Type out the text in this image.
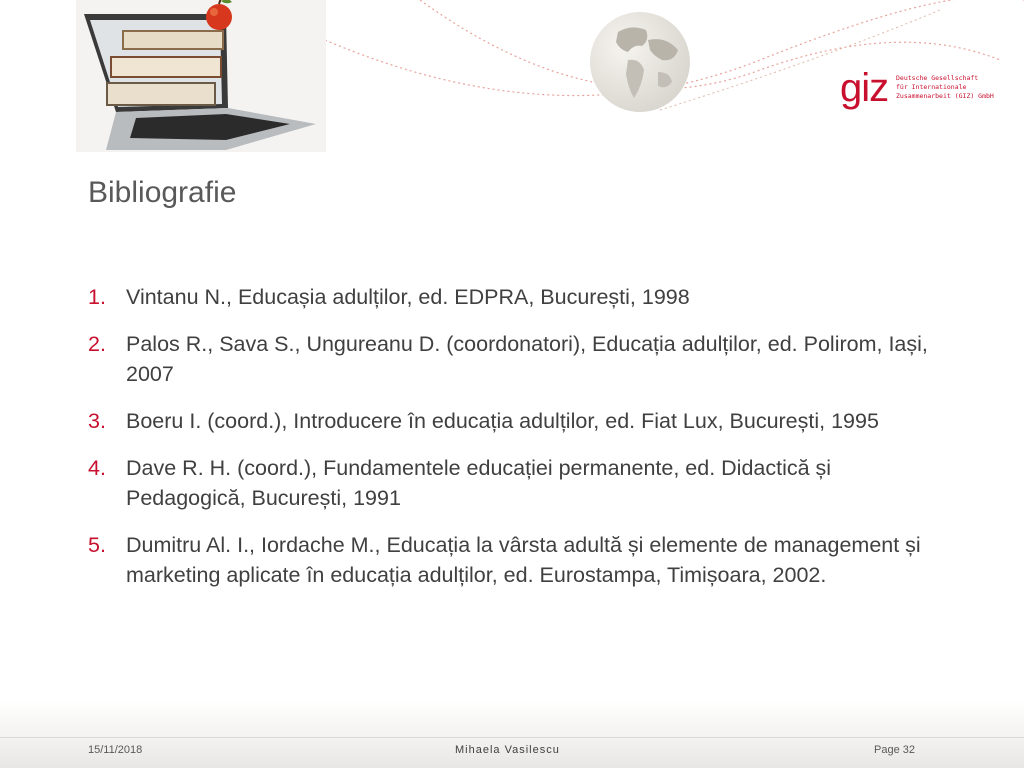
giz Deutsche Gesellschaft
für Internationale
Zusammenarbeit (GIZ) GmbH
Bibliografie
1. Vintanu N., Educașia adulților, ed. EDPRA, București, 1998
2. Palos R., Sava S., Ungureanu D. (coordonatori), Educația adulților, ed. Polirom, Iași, 2007
3. Boeru I. (coord.), Introducere în educația adulților, ed. Fiat Lux, București, 1995
4. Dave R. H. (coord.), Fundamentele educației permanente, ed. Didactică și Pedagogică, București, 1991
5. Dumitru Al. I., Iordache M., Educația la vârsta adultă și elemente de management și marketing aplicate în educația adulților, ed. Eurostampa, Timișoara, 2002.
15/11/2018	Mihaela Vasilescu	Page 32
